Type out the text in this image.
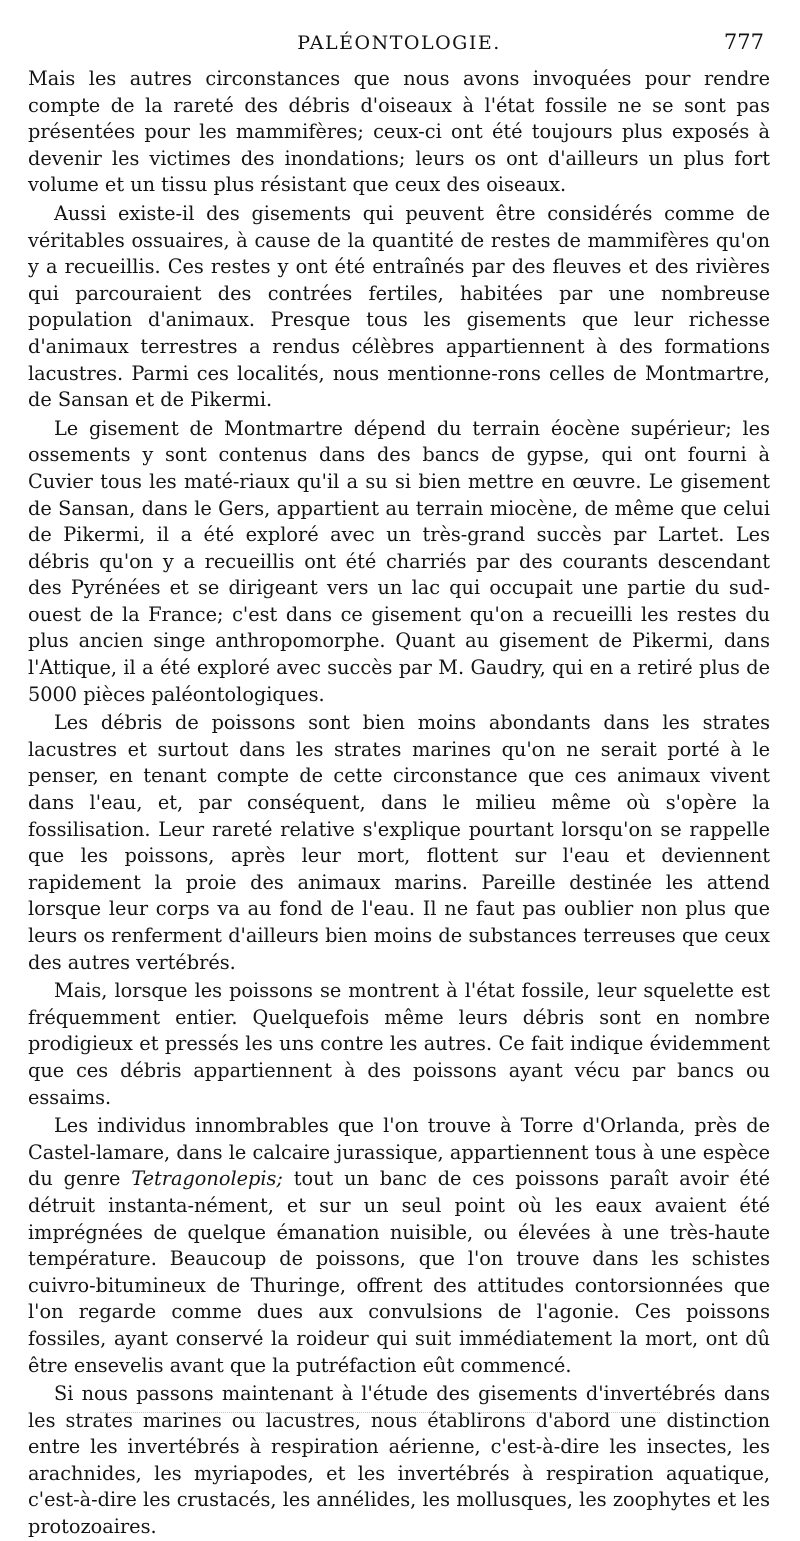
PALÉONTOLOGIE.	777

Mais les autres circonstances que nous avons invoquées pour rendre compte de la rareté des débris d'oiseaux à l'état fossile ne se sont pas présentées pour les mammifères; ceux-ci ont été toujours plus exposés à devenir les victimes des inondations; leurs os ont d'ailleurs un plus fort volume et un tissu plus résistant que ceux des oiseaux.

Aussi existe-il des gisements qui peuvent être considérés comme de véritables ossuaires, à cause de la quantité de restes de mammifères qu'on y a recueillis. Ces restes y ont été entraînés par des fleuves et des rivières qui parcouraient des contrées fertiles, habitées par une nombreuse population d'animaux. Presque tous les gisements que leur richesse d'animaux terrestres a rendus célèbres appartiennent à des formations lacustres. Parmi ces localités, nous mentionne-rons celles de Montmartre, de Sansan et de Pikermi.

Le gisement de Montmartre dépend du terrain éocène supérieur; les ossements y sont contenus dans des bancs de gypse, qui ont fourni à Cuvier tous les maté-riaux qu'il a su si bien mettre en œuvre. Le gisement de Sansan, dans le Gers, appartient au terrain miocène, de même que celui de Pikermi, il a été exploré avec un très-grand succès par Lartet. Les débris qu'on y a recueillis ont été charriés par des courants descendant des Pyrénées et se dirigeant vers un lac qui occupait une partie du sud-ouest de la France; c'est dans ce gisement qu'on a recueilli les restes du plus ancien singe anthropomorphe. Quant au gisement de Pikermi, dans l'Attique, il a été exploré avec succès par M. Gaudry, qui en a retiré plus de 5000 pièces paléontologiques.

Les débris de poissons sont bien moins abondants dans les strates lacustres et surtout dans les strates marines qu'on ne serait porté à le penser, en tenant compte de cette circonstance que ces animaux vivent dans l'eau, et, par conséquent, dans le milieu même où s'opère la fossilisation. Leur rareté relative s'explique pourtant lorsqu'on se rappelle que les poissons, après leur mort, flottent sur l'eau et deviennent rapidement la proie des animaux marins. Pareille destinée les attend lorsque leur corps va au fond de l'eau. Il ne faut pas oublier non plus que leurs os renferment d'ailleurs bien moins de substances terreuses que ceux des autres vertébrés.

Mais, lorsque les poissons se montrent à l'état fossile, leur squelette est fréquemment entier. Quelquefois même leurs débris sont en nombre prodigieux et pressés les uns contre les autres. Ce fait indique évidemment que ces débris appartiennent à des poissons ayant vécu par bancs ou essaims.

Les individus innombrables que l'on trouve à Torre d'Orlanda, près de Castel-lamare, dans le calcaire jurassique, appartiennent tous à une espèce du genre Tetragonolepis; tout un banc de ces poissons paraît avoir été détruit instanta-nément, et sur un seul point où les eaux avaient été imprégnées de quelque émanation nuisible, ou élevées à une très-haute température. Beaucoup de poissons, que l'on trouve dans les schistes cuivro-bitumineux de Thuringe, offrent des attitudes contorsionnées que l'on regarde comme dues aux convulsions de l'agonie. Ces poissons fossiles, ayant conservé la roideur qui suit immédiatement la mort, ont dû être ensevelis avant que la putréfaction eût commencé.

Si nous passons maintenant à l'étude des gisements d'invertébrés dans les strates marines ou lacustres, nous établirons d'abord une distinction entre les invertébrés à respiration aérienne, c'est-à-dire les insectes, les arachnides, les myriapodes, et les invertébrés à respiration aquatique, c'est-à-dire les crustacés, les annélides, les mollusques, les zoophytes et les protozoaires.
